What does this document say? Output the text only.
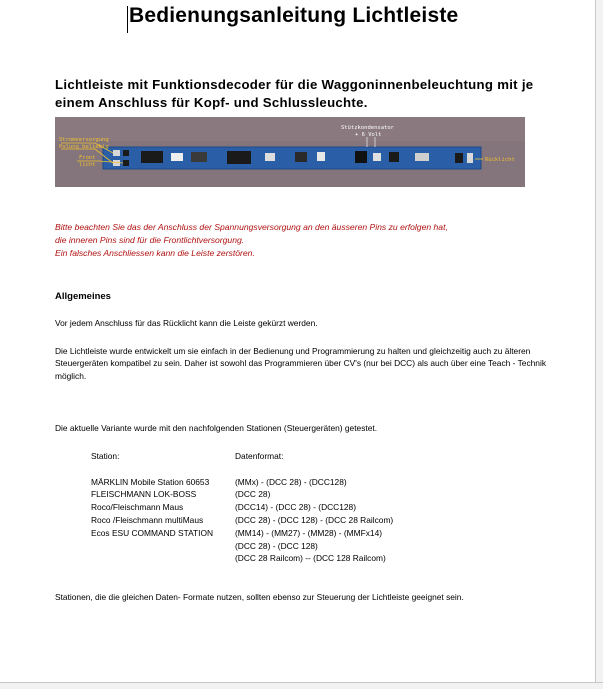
Bedienungsanleitung Lichtleiste
Lichtleiste mit Funktionsdecoder für die Waggoninnenbeleuchtung mit je einem Anschluss für Kopf- und Schlussleuchte.
Stromversorgung
Polung beliebig
Front
licht
Stützkondensator
+ 6 Volt
Rücklicht
Bitte beachten Sie das der Anschluss der Spannungsversorgung an den äusseren Pins zu erfolgen hat,
die inneren Pins sind für die Frontlichtversorgung.
Ein falsches Anschliessen kann die Leiste zerstören.
Allgemeines
Vor jedem Anschluss für das Rücklicht kann die Leiste gekürzt werden.
Die Lichtleiste wurde entwickelt um sie einfach in der Bedienung und Programmierung zu halten und gleichzeitig auch zu älteren Steuergeräten kompatibel zu sein. Daher ist sowohl das Programmieren über CV's (nur bei DCC) als auch über eine Teach - Technik möglich.
Die aktuelle Variante wurde mit den nachfolgenden Stationen (Steuergeräten) getestet.
Station:	Datenformat:
MÄRKLIN Mobile Station 60653	(MMx) - (DCC 28) - (DCC128)
FLEISCHMANN LOK-BOSS	(DCC 28)
Roco/Fleischmann Maus	(DCC14) - (DCC 28) - (DCC128)
Roco /Fleischmann multiMaus	(DCC 28) - (DCC 128) - (DCC 28 Railcom)
Ecos ESU COMMAND STATION	(MM14) - (MM27) - (MM28) - (MMFx14)
	(DCC 28) - (DCC 128)
	(DCC 28 Railcom) -- (DCC 128 Railcom)
Stationen, die die gleichen Daten- Formate nutzen, sollten ebenso zur Steuerung der Lichtleiste geeignet sein.
